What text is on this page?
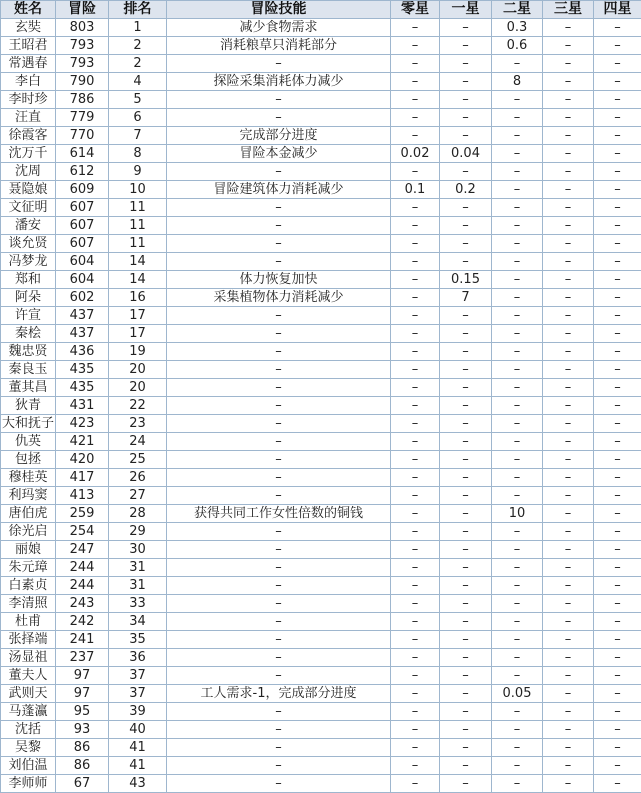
姓名	冒险	排名	冒险技能	零星	一星	二星	三星	四星
玄奘	803	1	减少食物需求	–	–	0.3	–	–
王昭君	793	2	消耗粮草只消耗部分	–	–	0.6	–	–
常遇春	793	2	–	–	–	–	–	–
李白	790	4	探险采集消耗体力减少	–	–	8	–	–
李时珍	786	5	–	–	–	–	–	–
汪直	779	6	–	–	–	–	–	–
徐霞客	770	7	完成部分进度	–	–	–	–	–
沈万千	614	8	冒险本金减少	0.02	0.04	–	–	–
沈周	612	9	–	–	–	–	–	–
聂隐娘	609	10	冒险建筑体力消耗减少	0.1	0.2	–	–	–
文征明	607	11	–	–	–	–	–	–
潘安	607	11	–	–	–	–	–	–
谈允贤	607	11	–	–	–	–	–	–
冯梦龙	604	14	–	–	–	–	–	–
郑和	604	14	体力恢复加快	–	0.15	–	–	–
阿朵	602	16	采集植物体力消耗减少	–	7	–	–	–
许宣	437	17	–	–	–	–	–	–
秦桧	437	17	–	–	–	–	–	–
魏忠贤	436	19	–	–	–	–	–	–
秦良玉	435	20	–	–	–	–	–	–
董其昌	435	20	–	–	–	–	–	–
狄青	431	22	–	–	–	–	–	–
大和抚子	423	23	–	–	–	–	–	–
仇英	421	24	–	–	–	–	–	–
包拯	420	25	–	–	–	–	–	–
穆桂英	417	26	–	–	–	–	–	–
利玛窦	413	27	–	–	–	–	–	–
唐伯虎	259	28	获得共同工作女性倍数的铜钱	–	–	10	–	–
徐光启	254	29	–	–	–	–	–	–
丽娘	247	30	–	–	–	–	–	–
朱元璋	244	31	–	–	–	–	–	–
白素贞	244	31	–	–	–	–	–	–
李清照	243	33	–	–	–	–	–	–
杜甫	242	34	–	–	–	–	–	–
张择端	241	35	–	–	–	–	–	–
汤显祖	237	36	–	–	–	–	–	–
董夫人	97	37	–	–	–	–	–	–
武则天	97	37	工人需求-1，完成部分进度	–	–	0.05	–	–
马蓬瀛	95	39	–	–	–	–	–	–
沈括	93	40	–	–	–	–	–	–
吴黎	86	41	–	–	–	–	–	–
刘伯温	86	41	–	–	–	–	–	–
李师师	67	43	–	–	–	–	–	–
